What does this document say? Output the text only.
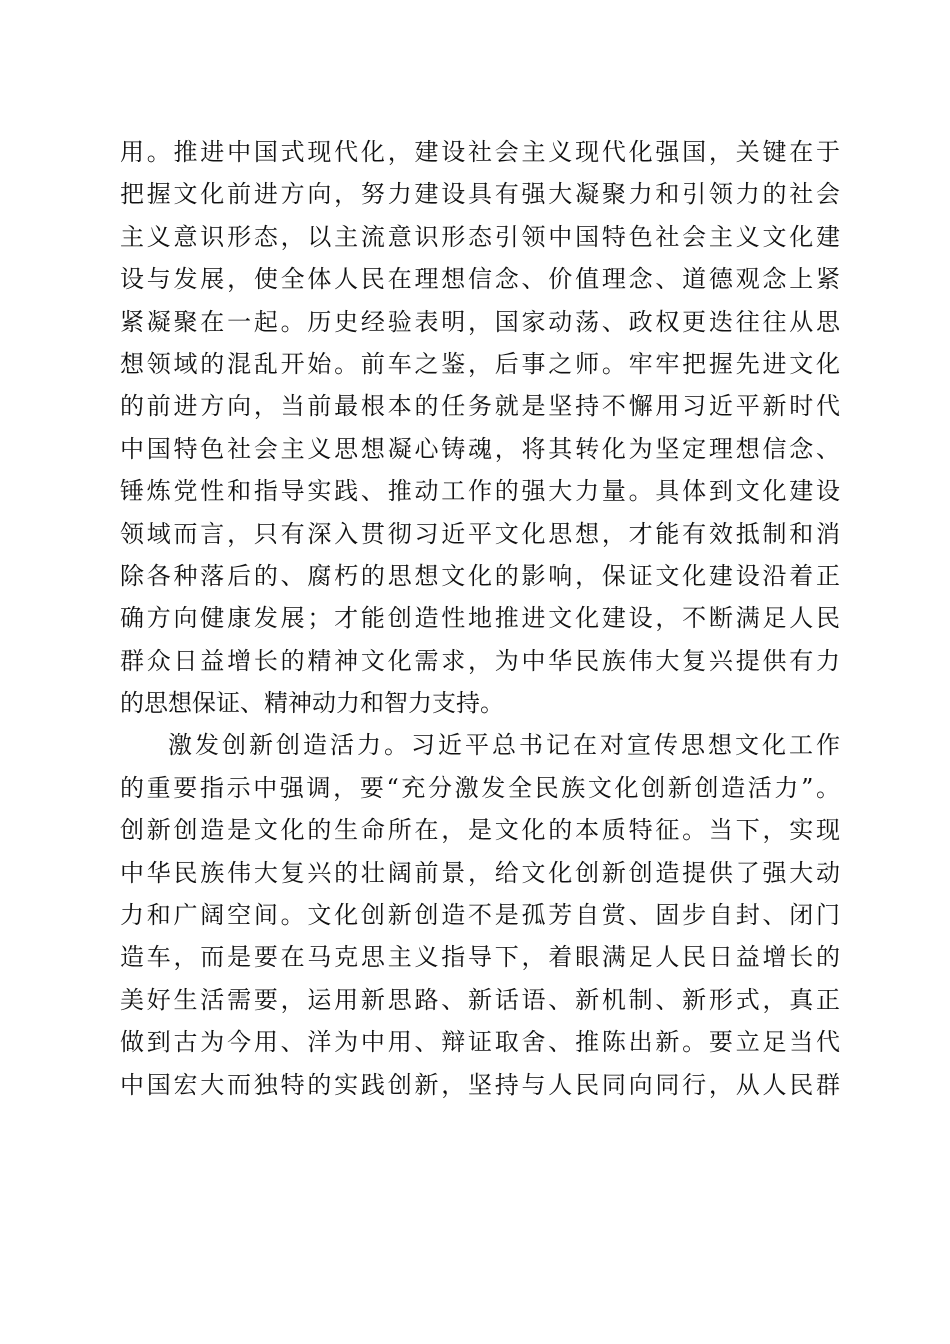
用。推进中国式现代化，建设社会主义现代化强国，关键在于
把握文化前进方向，努力建设具有强大凝聚力和引领力的社会
主义意识形态，以主流意识形态引领中国特色社会主义文化建
设与发展，使全体人民在理想信念、价值理念、道德观念上紧
紧凝聚在一起。历史经验表明，国家动荡、政权更迭往往从思
想领域的混乱开始。前车之鉴，后事之师。牢牢把握先进文化
的前进方向，当前最根本的任务就是坚持不懈用习近平新时代
中国特色社会主义思想凝心铸魂，将其转化为坚定理想信念、
锤炼党性和指导实践、推动工作的强大力量。具体到文化建设
领域而言，只有深入贯彻习近平文化思想，才能有效抵制和消
除各种落后的、腐朽的思想文化的影响，保证文化建设沿着正
确方向健康发展；才能创造性地推进文化建设，不断满足人民
群众日益增长的精神文化需求，为中华民族伟大复兴提供有力
的思想保证、精神动力和智力支持。
激发创新创造活力。习近平总书记在对宣传思想文化工作
的重要指示中强调，要“充分激发全民族文化创新创造活力”。
创新创造是文化的生命所在，是文化的本质特征。当下，实现
中华民族伟大复兴的壮阔前景，给文化创新创造提供了强大动
力和广阔空间。文化创新创造不是孤芳自赏、固步自封、闭门
造车，而是要在马克思主义指导下，着眼满足人民日益增长的
美好生活需要，运用新思路、新话语、新机制、新形式，真正
做到古为今用、洋为中用、辩证取舍、推陈出新。要立足当代
中国宏大而独特的实践创新，坚持与人民同向同行，从人民群
